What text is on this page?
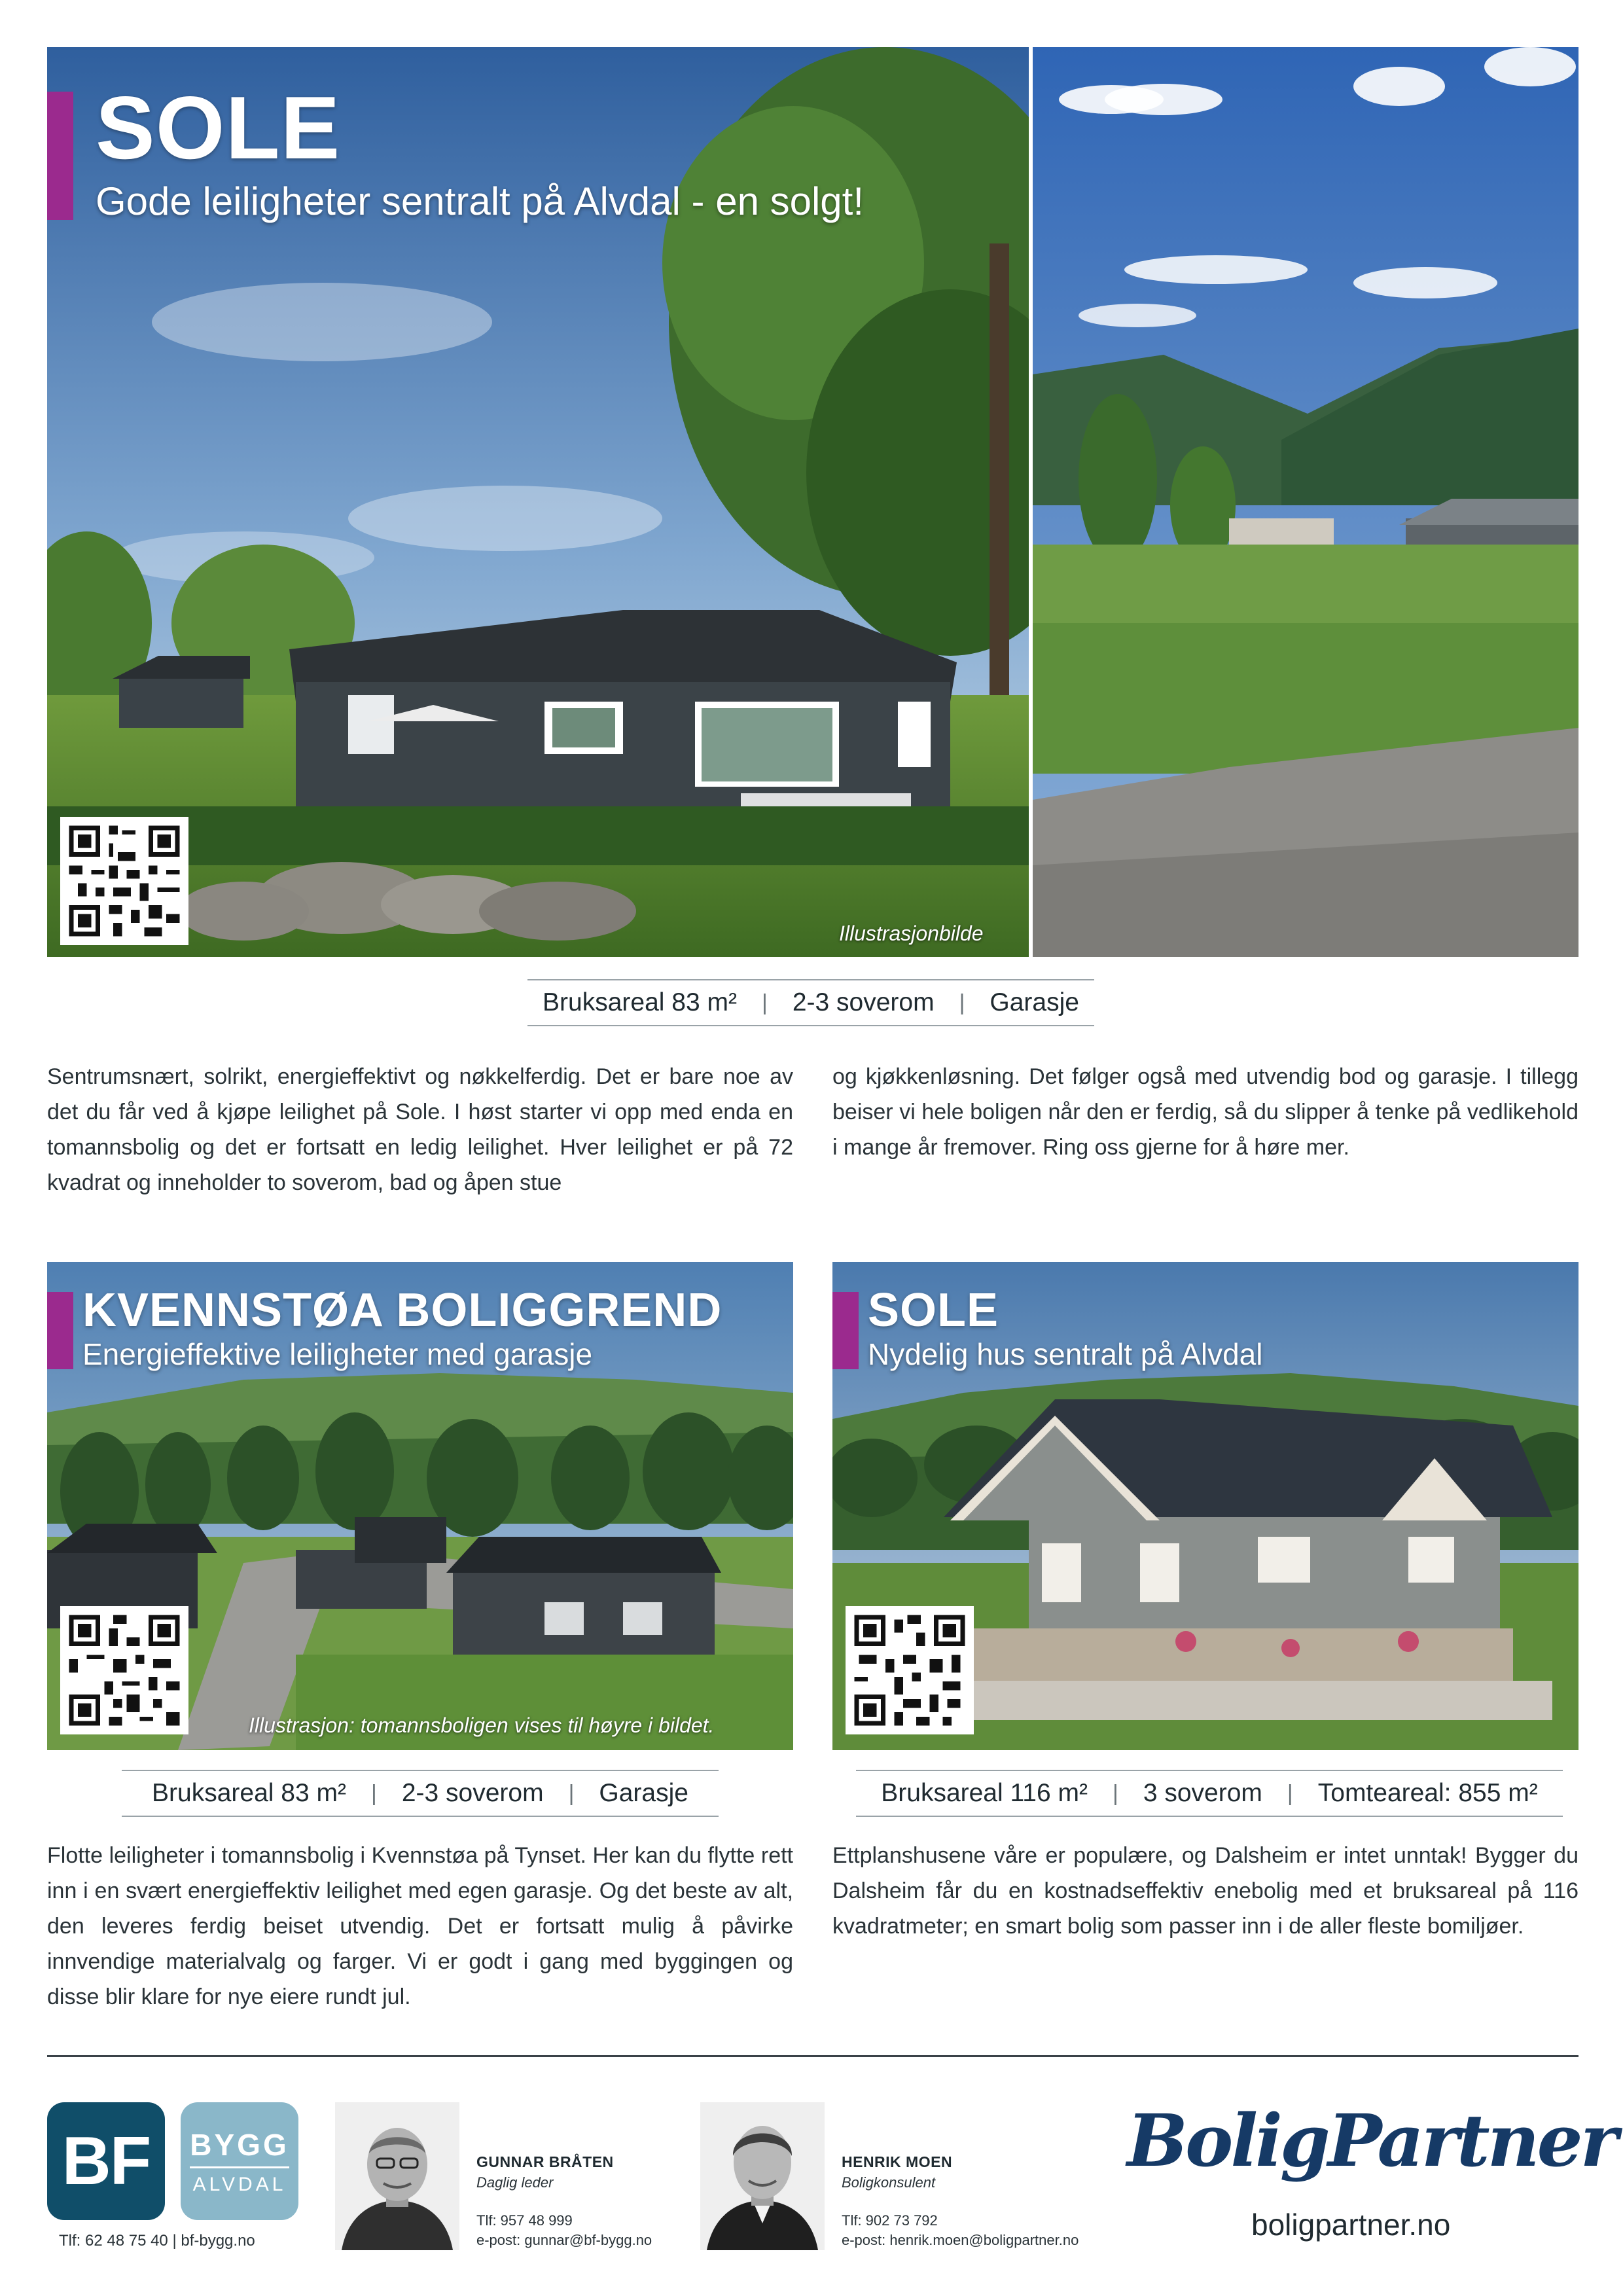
SOLE
Gode leiligheter sentralt på Alvdal - en solgt!
Illustrasjonbilde
Bruksareal 83 m² | 2-3 soverom | Garasje
Sentrumsnært, solrikt, energieffektivt og nøkkelferdig. Det er bare noe av det du får ved å kjøpe leilighet på Sole. I høst starter vi opp med enda en tomannsbolig og det er fortsatt en ledig leilighet. Hver leilighet er på 72 kvadrat og inneholder to soverom, bad og åpen stue
og kjøkkenløsning. Det følger også med utvendig bod og garasje. I tillegg beiser vi hele boligen når den er ferdig, så du slipper å tenke på vedlikehold i mange år fremover. Ring oss gjerne for å høre mer.
KVENNSTØA BOLIGGREND
Energieffektive leiligheter med garasje
Illustrasjon: tomannsboligen vises til høyre i bildet.
Bruksareal 83 m² | 2-3 soverom | Garasje
Flotte leiligheter i tomannsbolig i Kvennstøa på Tynset. Her kan du flytte rett inn i en svært energieffektiv leilighet med egen garasje. Og det beste av alt, den leveres ferdig beiset utvendig. Det er fortsatt mulig å påvirke innvendige materialvalg og farger. Vi er godt i gang med byggingen og disse blir klare for nye eiere rundt jul.
SOLE
Nydelig hus sentralt på Alvdal
Bruksareal 116 m² | 3 soverom | Tomteareal: 855 m²
Ettplanshusene våre er populære, og Dalsheim er intet unntak! Bygger du Dalsheim får du en kostnadseffektiv enebolig med et bruksareal på 116 kvadratmeter; en smart bolig som passer inn i de aller fleste bomiljøer.
BF BYGG
ALVDAL
Tlf: 62 48 75 40 | bf-bygg.no
GUNNAR BRÅTEN
Daglig leder
Tlf: 957 48 999
e-post: gunnar@bf-bygg.no
HENRIK MOEN
Boligkonsulent
Tlf: 902 73 792
e-post: henrik.moen@boligpartner.no
BoligPartner
boligpartner.no
